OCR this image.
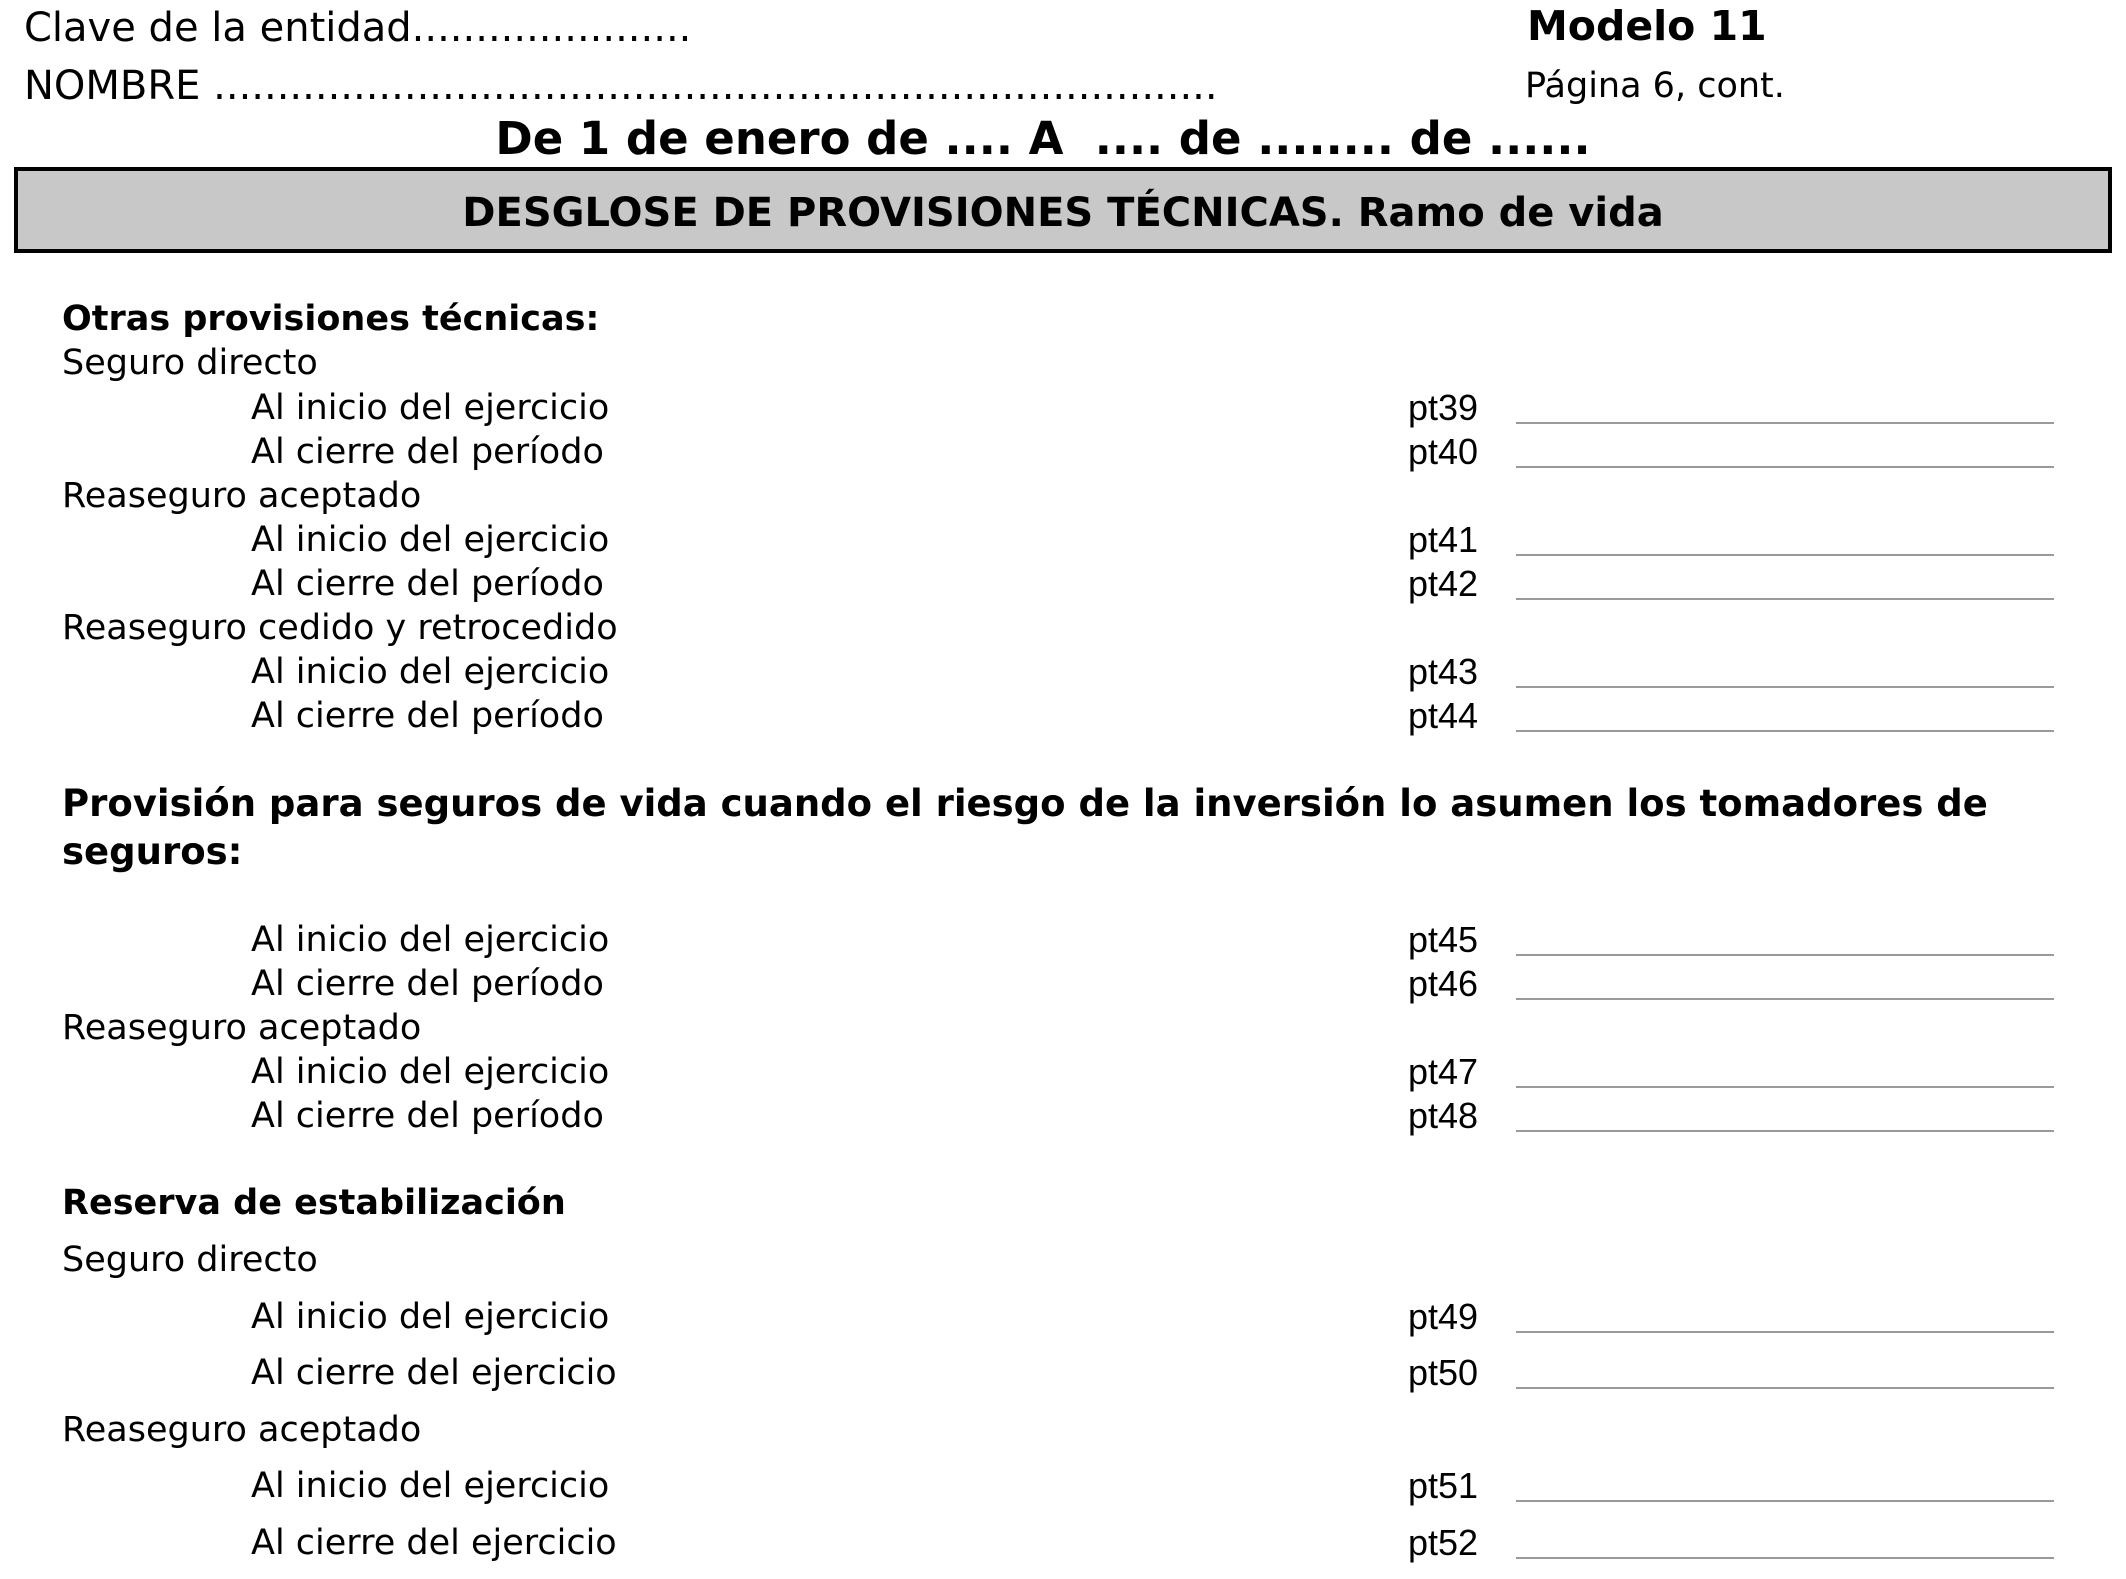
Clave de la entidad......................	Modelo 11
NOMBRE ...............................................................................	Página 6, cont.
De 1 de enero de .... A  .... de ........ de ......
DESGLOSE DE PROVISIONES TÉCNICAS. Ramo de vida
Otras provisiones técnicas:
Seguro directo
Al inicio del ejercicio	pt39
Al cierre del período	pt40
Reaseguro aceptado
Al inicio del ejercicio	pt41
Al cierre del período	pt42
Reaseguro cedido y retrocedido
Al inicio del ejercicio	pt43
Al cierre del período	pt44
Provisión para seguros de vida cuando el riesgo de la inversión lo asumen los tomadores de seguros:
Al inicio del ejercicio	pt45
Al cierre del período	pt46
Reaseguro aceptado
Al inicio del ejercicio	pt47
Al cierre del período	pt48
Reserva de estabilización
Seguro directo
Al inicio del ejercicio	pt49
Al cierre del ejercicio	pt50
Reaseguro aceptado
Al inicio del ejercicio	pt51
Al cierre del ejercicio	pt52
